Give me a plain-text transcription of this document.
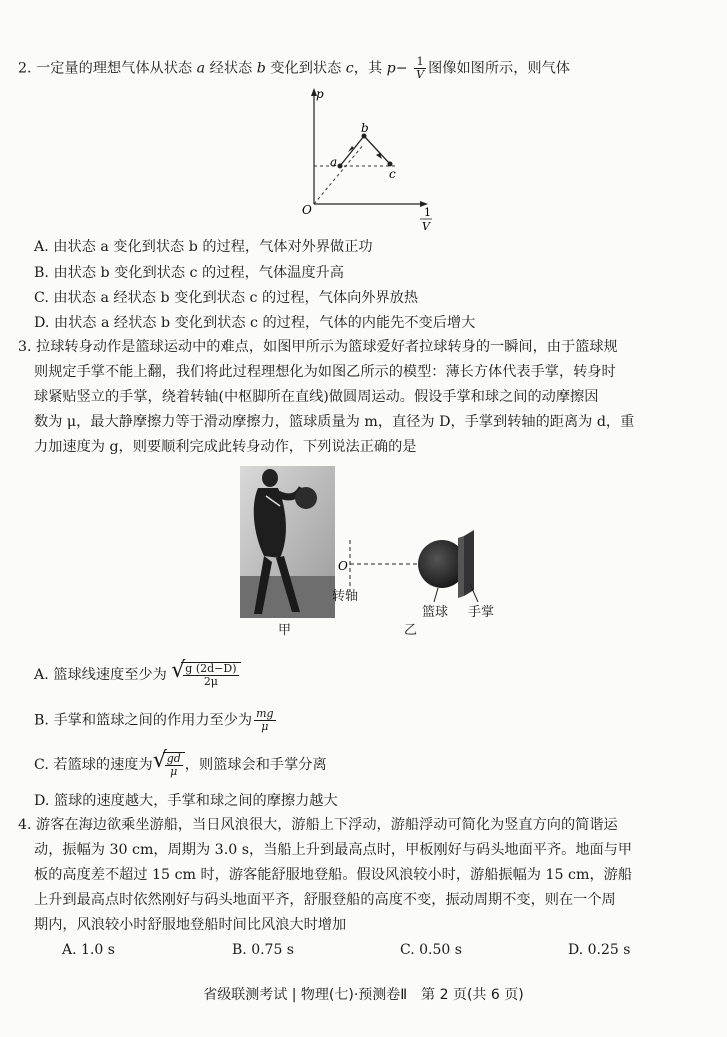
2. 一定量的理想气体从状态 a 经状态 b 变化到状态 c，其 $p- \frac{1}{V}$ 图像如图所示，则气体
p
O	1
V
a
b
c
A. 由状态 a 变化到状态 b 的过程，气体对外界做正功
B. 由状态 b 变化到状态 c 的过程，气体温度升高
C. 由状态 a 经状态 b 变化到状态 c 的过程，气体向外界放热
D. 由状态 a 经状态 b 变化到状态 c 的过程，气体的内能先不变后增大
3. 拉球转身动作是篮球运动中的难点，如图甲所示为篮球爱好者拉球转身的一瞬间，由于篮球规
则规定手掌不能上翻，我们将此过程理想化为如图乙所示的模型：薄长方体代表手掌，转身时
球紧贴竖立的手掌，绕着转轴(中枢脚所在直线)做圆周运动。假设手掌和球之间的动摩擦因
数为 μ，最大静摩擦力等于滑动摩擦力，篮球质量为 m，直径为 D，手掌到转轴的距离为 d，重
力加速度为 g，则要顺利完成此转身动作，下列说法正确的是
甲
O
转轴
篮球 手掌
乙
A. 篮球线速度至少为 √
$\frac{g (2d-D)}{2\mu}$
B. 手掌和篮球之间的作用力至少为 $\frac{mg}{\mu}$
C. 若篮球的速度为 √
$\frac{gd}{\mu}$ ，则篮球会和手掌分离
D. 篮球的速度越大，手掌和球之间的摩擦力越大
4. 游客在海边欲乘坐游船，当日风浪很大，游船上下浮动，游船浮动可简化为竖直方向的简谐运
动，振幅为 30 cm，周期为 3.0 s，当船上升到最高点时，甲板刚好与码头地面平齐。地面与甲
板的高度差不超过 15 cm 时，游客能舒服地登船。假设风浪较小时，游船振幅为 15 cm，游船
上升到最高点时依然刚好与码头地面平齐，舒服登船的高度不变，振动周期不变，则在一个周
期内，风浪较小时舒服地登船时间比风浪大时增加
A. 1.0 s	B. 0.75 s	C. 0.50 s	D. 0.25 s
省级联测考试 | 物理(七)·预测卷Ⅱ　第 2 页(共 6 页)
